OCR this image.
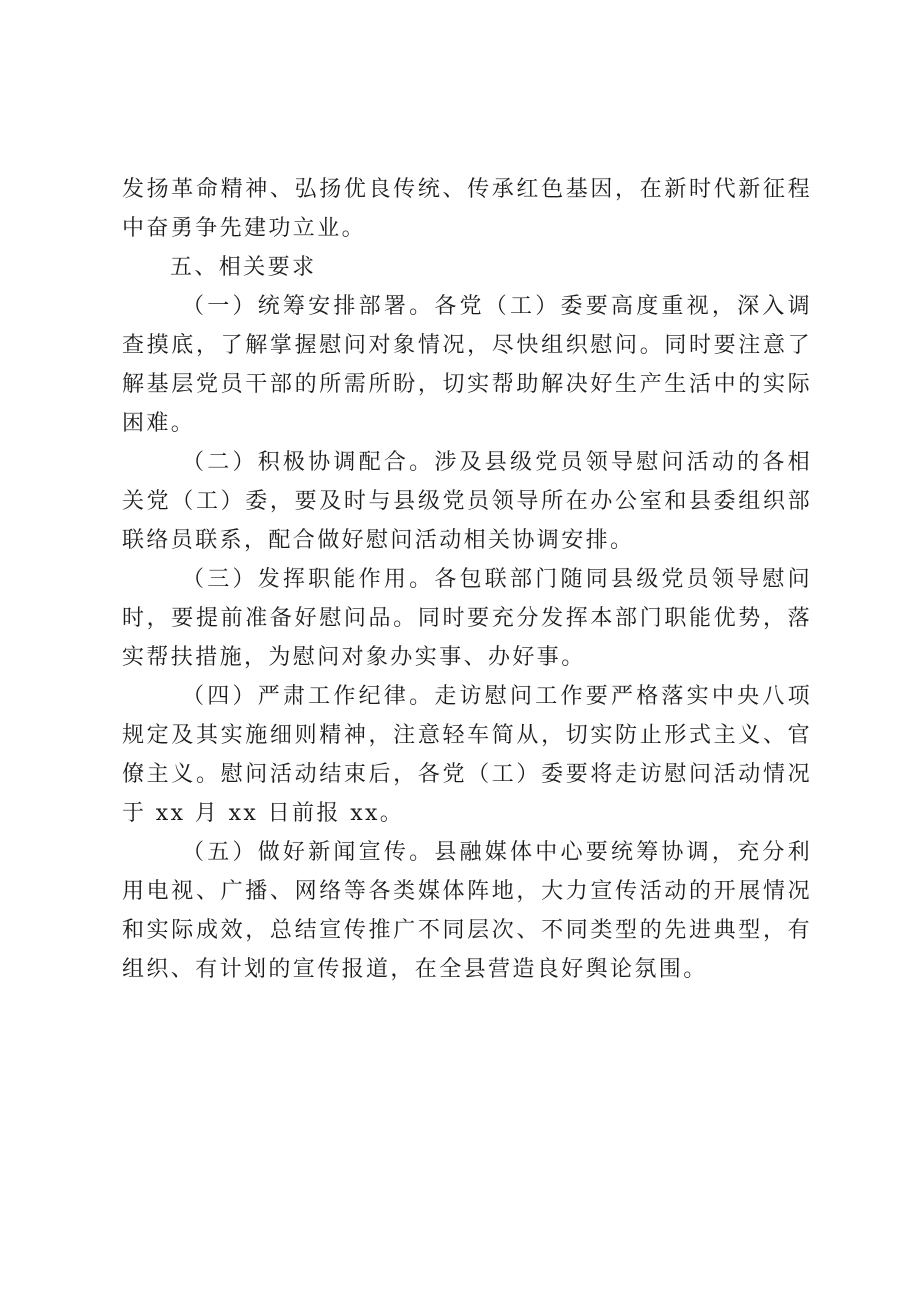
发扬革命精神、弘扬优良传统、传承红色基因，在新时代新征程中奋勇争先建功立业。

五、相关要求

（一）统筹安排部署。各党（工）委要高度重视，深入调查摸底，了解掌握慰问对象情况，尽快组织慰问。同时要注意了解基层党员干部的所需所盼，切实帮助解决好生产生活中的实际困难。

（二）积极协调配合。涉及县级党员领导慰问活动的各相关党（工）委，要及时与县级党员领导所在办公室和县委组织部联络员联系，配合做好慰问活动相关协调安排。

（三）发挥职能作用。各包联部门随同县级党员领导慰问时，要提前准备好慰问品。同时要充分发挥本部门职能优势，落实帮扶措施，为慰问对象办实事、办好事。

（四）严肃工作纪律。走访慰问工作要严格落实中央八项规定及其实施细则精神，注意轻车简从，切实防止形式主义、官僚主义。慰问活动结束后，各党（工）委要将走访慰问活动情况于 xx 月 xx 日前报 xx。

（五）做好新闻宣传。县融媒体中心要统筹协调，充分利用电视、广播、网络等各类媒体阵地，大力宣传活动的开展情况和实际成效，总结宣传推广不同层次、不同类型的先进典型，有组织、有计划的宣传报道，在全县营造良好舆论氛围。
